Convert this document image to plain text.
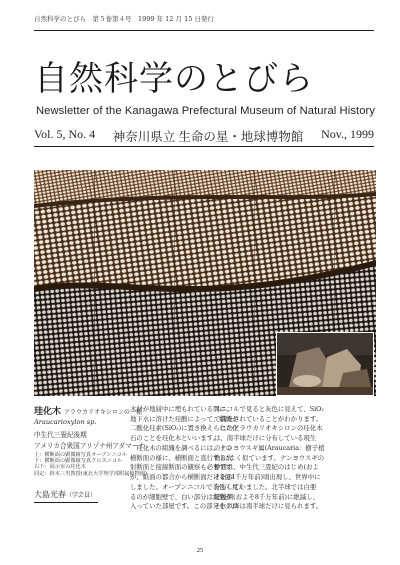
自然科学のとびら　第５巻第４号　1999 年 12 月 15 日発行
自然科学のとびら
Newsletter of the Kanagawa Prefectural Museum of Natural History
Vol. 5, No. 4 神奈川県立 生命の星・地球博物館 Nov., 1999
珪化木 アラウカリオキシロンの一種
Araucarioxylon sp.
中生代三畳紀後期
アメリカ合衆国アリゾナ州アダマーナ
上：横断面の顕微鏡写真オープンニコル
下：横断面の顕微鏡写真クロスニコル
右下：展示室の珪化木
同定：鈴木三男教授(東北大学理学部附属植物園)
大島光春（学芸員）
木材が地層中に埋もれている間に、
地下水に溶けた珪酸によって、組織が
二酸化珪素(SiO₂)に置き換えられた化
石のことを珪化木といいます。
　珪化木の組織を調べるには、上の
横断面の様に、横断面と直行する放
射断面と接線断面の観察も必要です
が、紙面の都合から横断面だけを示
しました。オープンニコルで茶色く見え
るのが細胞壁で、白い部分は細胞が
入っていた部屋です。この部分をクロ
スニコルで見ると灰色に見えて、SiO₂
で満たされていることがわかります。
　このアラウカリオキシロンの珪化木
は、南半球だけに分布している現生
のナンヨウスギ属(Araucaria：樹子植
物)によく似ています。ナンヨウスギの
仲間は、中生代三畳紀のはじめ(およ
そ2億4千万年前)頃出現し、世界中に
分布していました。北半球では白亜
紀後期(およそ8千万年前)に絶滅し、
それ以降は南半球だけに見られます。
25
